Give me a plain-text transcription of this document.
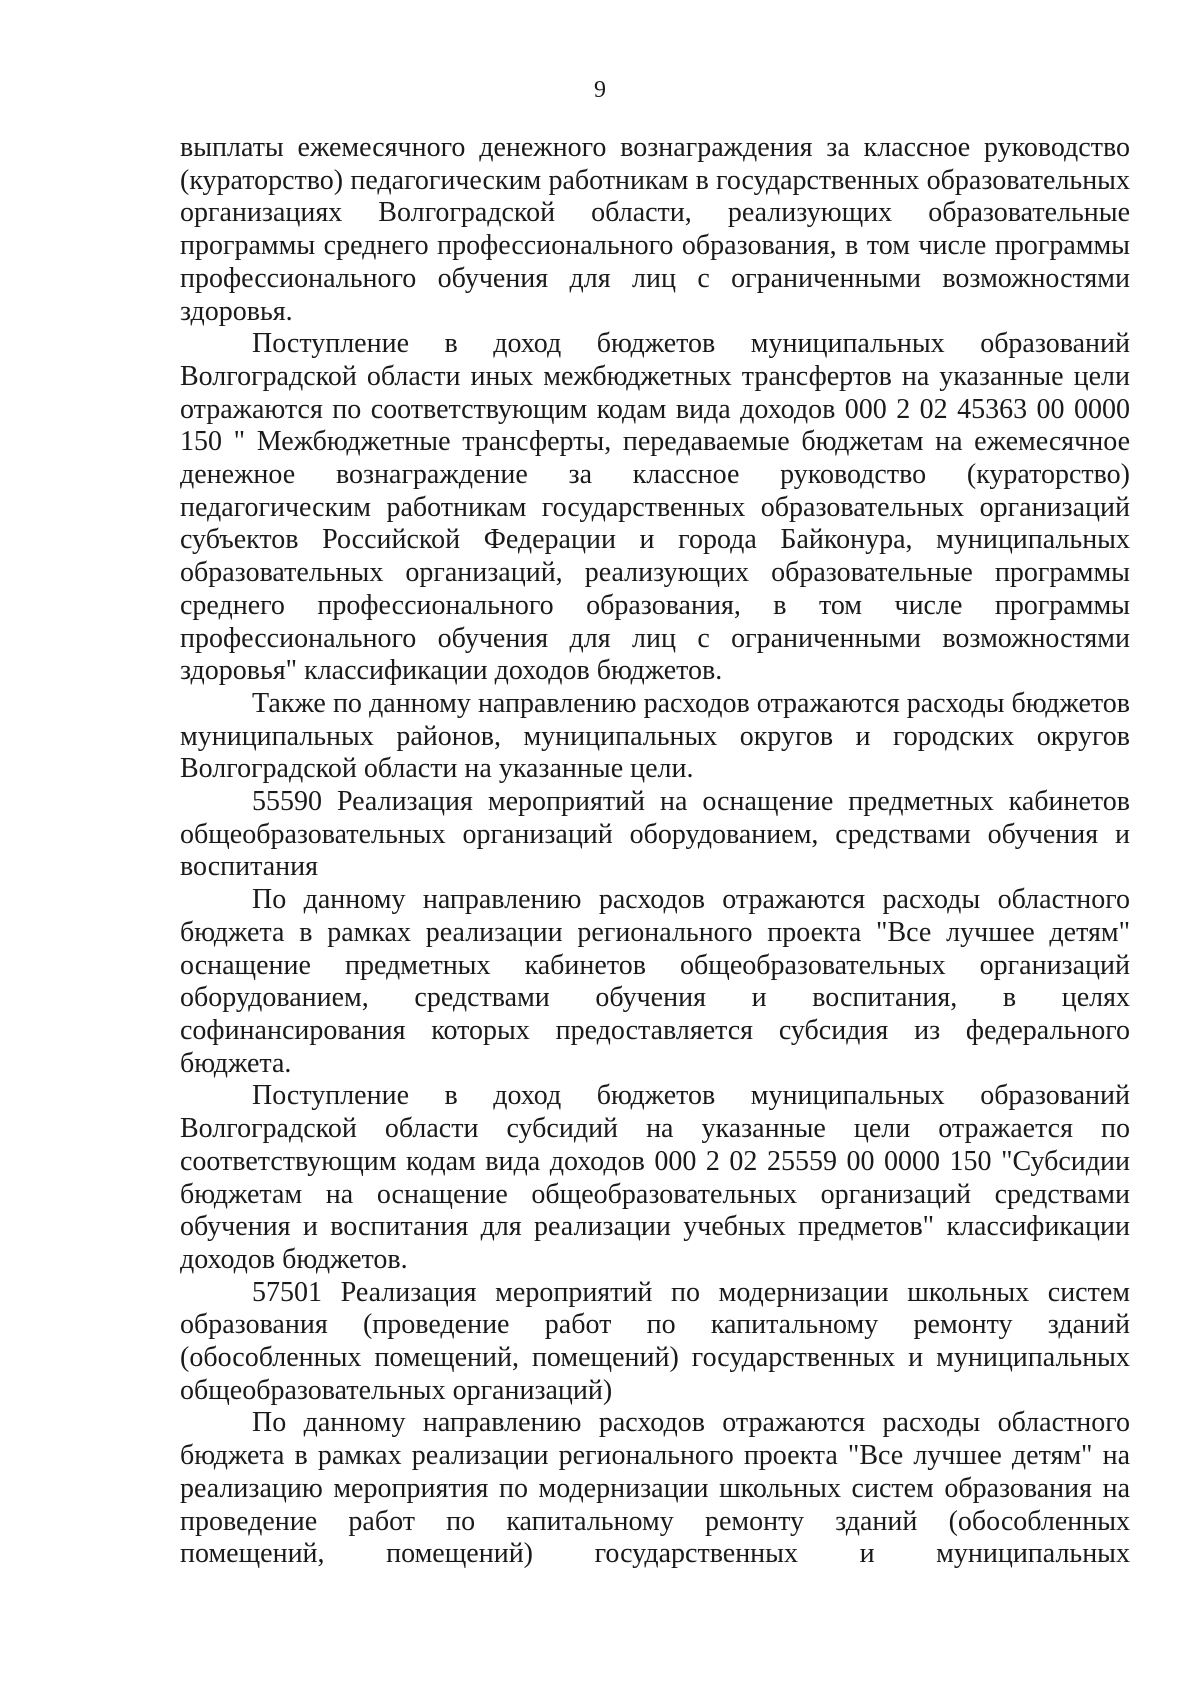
9

выплаты ежемесячного денежного вознаграждения за классное руководство (кураторство) педагогическим работникам в государственных образовательных организациях Волгоградской области, реализующих образовательные программы среднего профессионального образования, в том числе программы профессионального обучения для лиц с ограниченными возможностями здоровья.

Поступление в доход бюджетов муниципальных образований Волгоградской области иных межбюджетных трансфертов на указанные цели отражаются по соответствующим кодам вида доходов 000 2 02 45363 00 0000 150 " Межбюджетные трансферты, передаваемые бюджетам на ежемесячное денежное вознаграждение за классное руководство (кураторство) педагогическим работникам государственных образовательных организаций субъектов Российской Федерации и города Байконура, муниципальных образовательных организаций, реализующих образовательные программы среднего профессионального образования, в том числе программы профессионального обучения для лиц с ограниченными возможностями здоровья" классификации доходов бюджетов.

Также по данному направлению расходов отражаются расходы бюджетов муниципальных районов, муниципальных округов и городских округов Волгоградской области на указанные цели.

55590 Реализация мероприятий на оснащение предметных кабинетов общеобразовательных организаций оборудованием, средствами обучения и воспитания

По данному направлению расходов отражаются расходы областного бюджета в рамках реализации регионального проекта "Все лучшее детям" оснащение предметных кабинетов общеобразовательных организаций оборудованием, средствами обучения и воспитания, в целях софинансирования которых предоставляется субсидия из федерального бюджета.

Поступление в доход бюджетов муниципальных образований Волгоградской области субсидий на указанные цели отражается по соответствующим кодам вида доходов 000 2 02 25559 00 0000 150 "Субсидии бюджетам на оснащение общеобразовательных организаций средствами обучения и воспитания для реализации учебных предметов" классификации доходов бюджетов.

57501 Реализация мероприятий по модернизации школьных систем образования (проведение работ по капитальному ремонту зданий (обособленных помещений, помещений) государственных и муниципальных общеобразовательных организаций)

По данному направлению расходов отражаются расходы областного бюджета в рамках реализации регионального проекта "Все лучшее детям" на реализацию мероприятия по модернизации школьных систем образования на проведение работ по капитальному ремонту зданий (обособленных помещений, помещений) государственных и муниципальных
